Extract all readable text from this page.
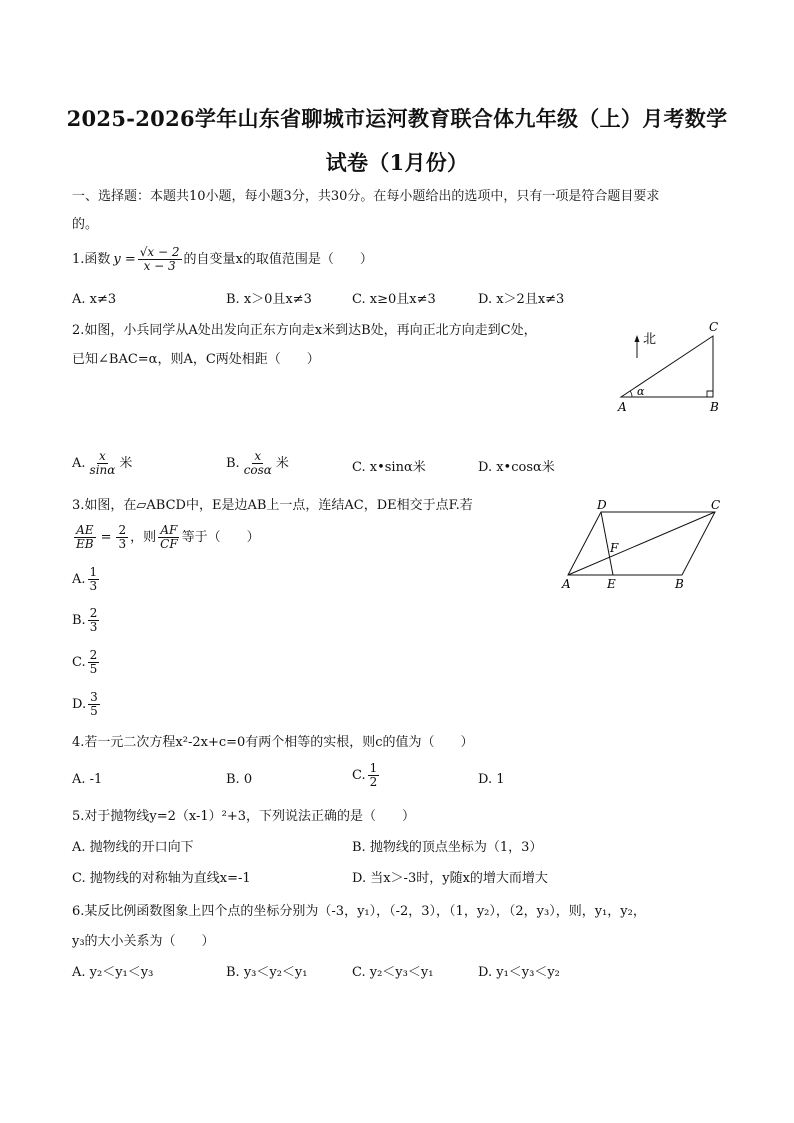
2025-2026学年山东省聊城市运河教育联合体九年级（上）月考数学
试卷（1月份）
一、选择题：本题共10小题，每小题3分，共30分。在每小题给出的选项中，只有一项是符合题目要求
的。
1.函数 $y = \frac{√x - 2}{x - 3}$ 的自变量x的取值范围是（　　）
A. x≠3	B. x＞0且x≠3	C. x≥0且x≠3	D. x＞2且x≠3
2.如图，小兵同学从A处出发向正东方向走x米到达B处，再向正北方向走到C处，
已知∠BAC=α，则A，C两处相距（　　）
北
α
A	B
C
A. $\frac{x}{\sin\alpha}$ 米	B. $\frac{x}{\cos\alpha}$ 米	C. x•sinα米	D. x•cosα米
3.如图，在▱ABCD中，E是边AB上一点，连结AC，DE相交于点F.若
$\frac{AE}{EB} = \frac{2}{3}$ ，则 $\frac{AF}{CF}$ 等于（　　）
A	B
C
D
E
F
A. $\frac{1}{3}$
B. $\frac{2}{3}$
C. $\frac{2}{5}$
D. $\frac{3}{5}$
4.若一元二次方程x²-2x+c=0有两个相等的实根，则c的值为（　　）
A. -1	B. 0	C. $\frac{1}{2}$	D. 1
5.对于抛物线y=2（x-1）²+3，下列说法正确的是（　　）
A. 抛物线的开口向下	B. 抛物线的顶点坐标为（1，3）
C. 抛物线的对称轴为直线x=-1	D. 当x＞-3时，y随x的增大而增大
6.某反比例函数图象上四个点的坐标分别为（-3，y₁），（-2，3），（1，y₂），（2，y₃），则，y₁，y₂，
y₃的大小关系为（　　）
A. y₂＜y₁＜y₃	B. y₃＜y₂＜y₁	C. y₂＜y₃＜y₁	D. y₁＜y₃＜y₂
